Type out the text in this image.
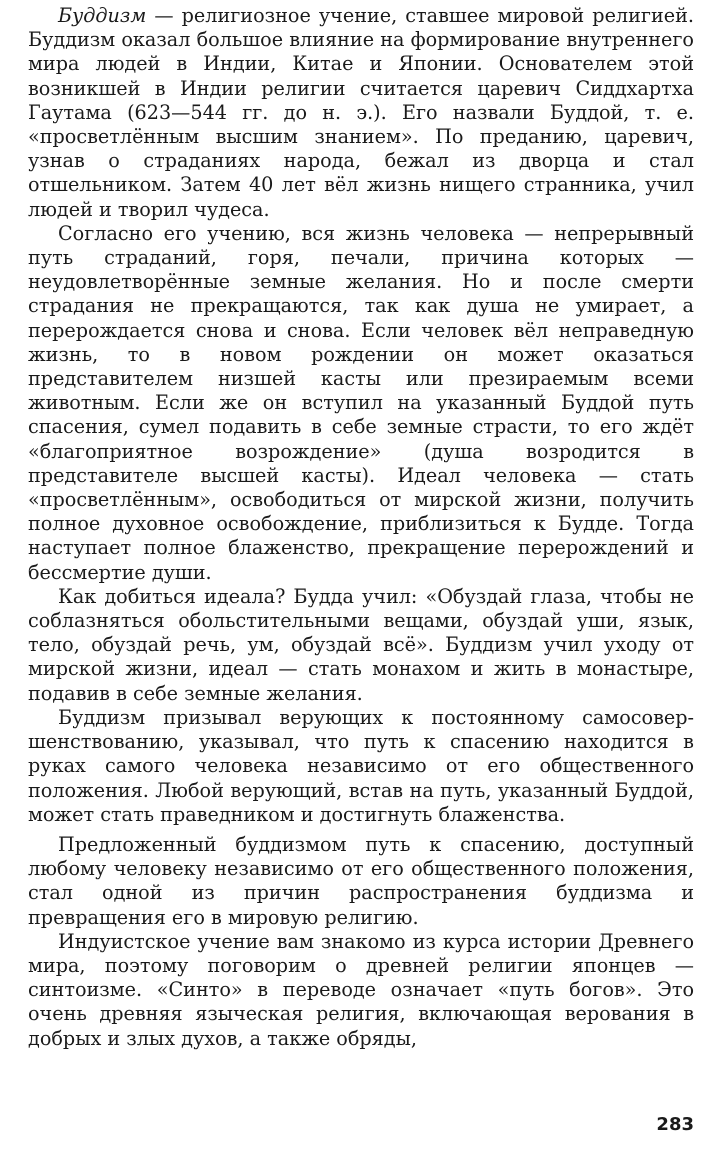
Буддизм — религиозное учение, ставшее мировой религией. Буддизм оказал большое влияние на формирование внутреннего мира людей в Индии, Китае и Японии. Основателем этой возникшей в Индии религии считается царевич Сиддхартха Гаутама (623—544 гг. до н. э.). Его назвали Буддой, т. е. «просветлённым высшим знанием». По преданию, царевич, узнав о страданиях народа, бежал из дворца и стал отшельником. Затем 40 лет вёл жизнь нищего странника, учил людей и творил чудеса.

Согласно его учению, вся жизнь человека — непрерывный путь страданий, горя, печали, причина которых — неудовлетворённые земные желания. Но и после смерти страдания не прекращаются, так как душа не умирает, а перерождается снова и снова. Если человек вёл неправедную жизнь, то в новом рождении он может оказаться представителем низшей касты или презираемым всеми животным. Если же он вступил на указанный Буддой путь спасения, сумел подавить в себе земные страсти, то его ждёт «благоприятное возрождение» (душа возродится в представителе высшей касты). Идеал человека — стать «просветлённым», освободиться от мирской жизни, получить полное духовное освобождение, приблизиться к Будде. Тогда наступает полное блаженство, прекращение перерождений и бессмертие души.

Как добиться идеала? Будда учил: «Обуздай глаза, чтобы не соблазняться обольстительными вещами, обуздай уши, язык, тело, обуздай речь, ум, обуздай всё». Буддизм учил уходу от мирской жизни, идеал — стать монахом и жить в монастыре, подавив в себе земные желания.

Буддизм призывал верующих к постоянному самосовершенствованию, указывал, что путь к спасению находится в руках самого человека независимо от его общественного положения. Любой верующий, встав на путь, указанный Буддой, может стать праведником и достигнуть блаженства.

Предложенный буддизмом путь к спасению, доступный любому человеку независимо от его общественного положения, стал одной из причин распространения буддизма и превращения его в мировую религию.

Индуистское учение вам знакомо из курса истории Древнего мира, поэтому поговорим о древней религии японцев — синтоизме. «Синто» в переводе означает «путь богов». Это очень древняя языческая религия, включающая верования в добрых и злых духов, а также обряды,

283
